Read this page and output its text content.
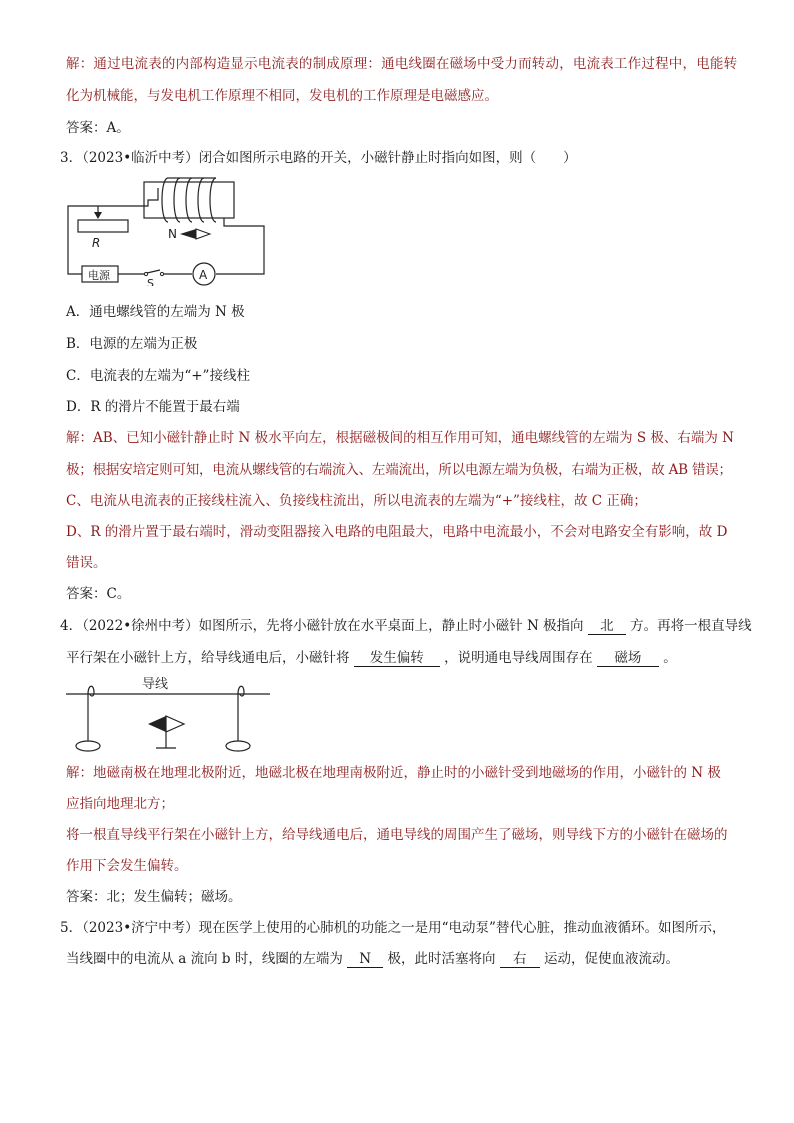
解：通过电流表的内部构造显示电流表的制成原理：通电线圈在磁场中受力而转动，电流表工作过程中，电能转
化为机械能，与发电机工作原理不相同，发电机的工作原理是电磁感应。
答案：A。
3．（2023•临沂中考）闭合如图所示电路的开关，小磁针静止时指向如图，则（　　）
R
N
电源
S
A
A．通电螺线管的左端为 N 极
B．电源的左端为正极
C．电流表的左端为“+”接线柱
D．R 的滑片不能置于最右端
解：AB、已知小磁针静止时 N 极水平向左，根据磁极间的相互作用可知，通电螺线管的左端为 S 极、右端为 N
极；根据安培定则可知，电流从螺线管的右端流入、左端流出，所以电源左端为负极，右端为正极，故 AB 错误；
C、电流从电流表的正接线柱流入、负接线柱流出，所以电流表的左端为“+”接线柱，故 C 正确；
D、R 的滑片置于最右端时，滑动变阻器接入电路的电阻最大，电路中电流最小，不会对电路安全有影响，故 D
错误。
答案：C。
4．（2022•徐州中考）如图所示，先将小磁针放在水平桌面上，静止时小磁针 N 极指向 北 方。再将一根直导线
平行架在小磁针上方，给导线通电后，小磁针将 发生偏转 ，说明通电导线周围存在 磁场 。
导线
解：地磁南极在地理北极附近，地磁北极在地理南极附近，静止时的小磁针受到地磁场的作用，小磁针的 N 极
应指向地理北方；
将一根直导线平行架在小磁针上方，给导线通电后，通电导线的周围产生了磁场，则导线下方的小磁针在磁场的
作用下会发生偏转。
答案：北；发生偏转；磁场。
5．（2023•济宁中考）现在医学上使用的心肺机的功能之一是用“电动泵”替代心脏，推动血液循环。如图所示，
当线圈中的电流从 a 流向 b 时，线圈的左端为 N 极，此时活塞将向 右 运动，促使血液流动。
